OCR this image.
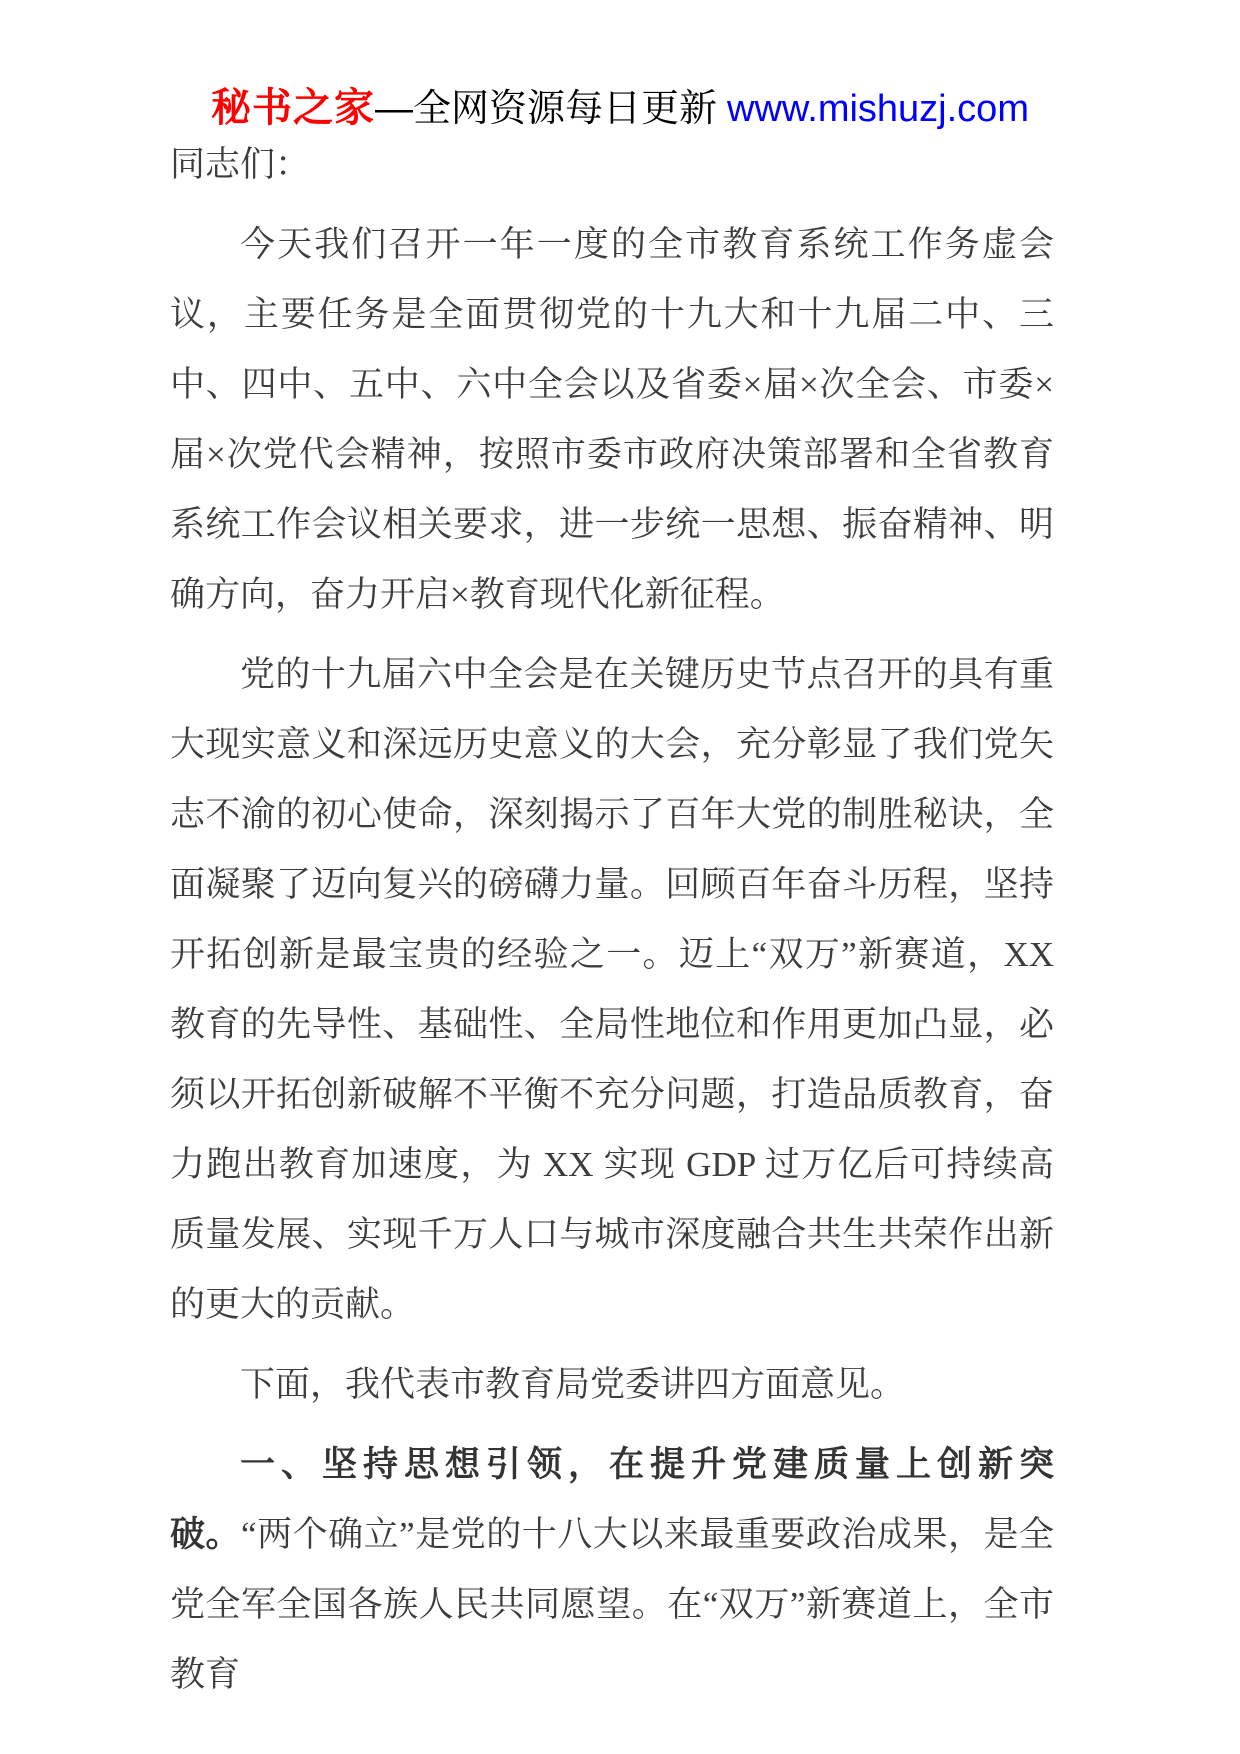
秘书之家—全网资源每日更新 www.mishuzj.com

同志们：

今天我们召开一年一度的全市教育系统工作务虚会议，主要任务是全面贯彻党的十九大和十九届二中、三中、四中、五中、六中全会以及省委×届×次全会、市委×届×次党代会精神，按照市委市政府决策部署和全省教育系统工作会议相关要求，进一步统一思想、振奋精神、明确方向，奋力开启×教育现代化新征程。

党的十九届六中全会是在关键历史节点召开的具有重大现实意义和深远历史意义的大会，充分彰显了我们党矢志不渝的初心使命，深刻揭示了百年大党的制胜秘诀，全面凝聚了迈向复兴的磅礴力量。回顾百年奋斗历程，坚持开拓创新是最宝贵的经验之一。迈上“双万”新赛道，XX 教育的先导性、基础性、全局性地位和作用更加凸显，必须以开拓创新破解不平衡不充分问题，打造品质教育，奋力跑出教育加速度，为 XX 实现 GDP 过万亿后可持续高质量发展、实现千万人口与城市深度融合共生共荣作出新的更大的贡献。

下面，我代表市教育局党委讲四方面意见。

一、坚持思想引领，在提升党建质量上创新突破。“两个确立”是党的十八大以来最重要政治成果，是全党全军全国各族人民共同愿望。在“双万”新赛道上，全市教育
